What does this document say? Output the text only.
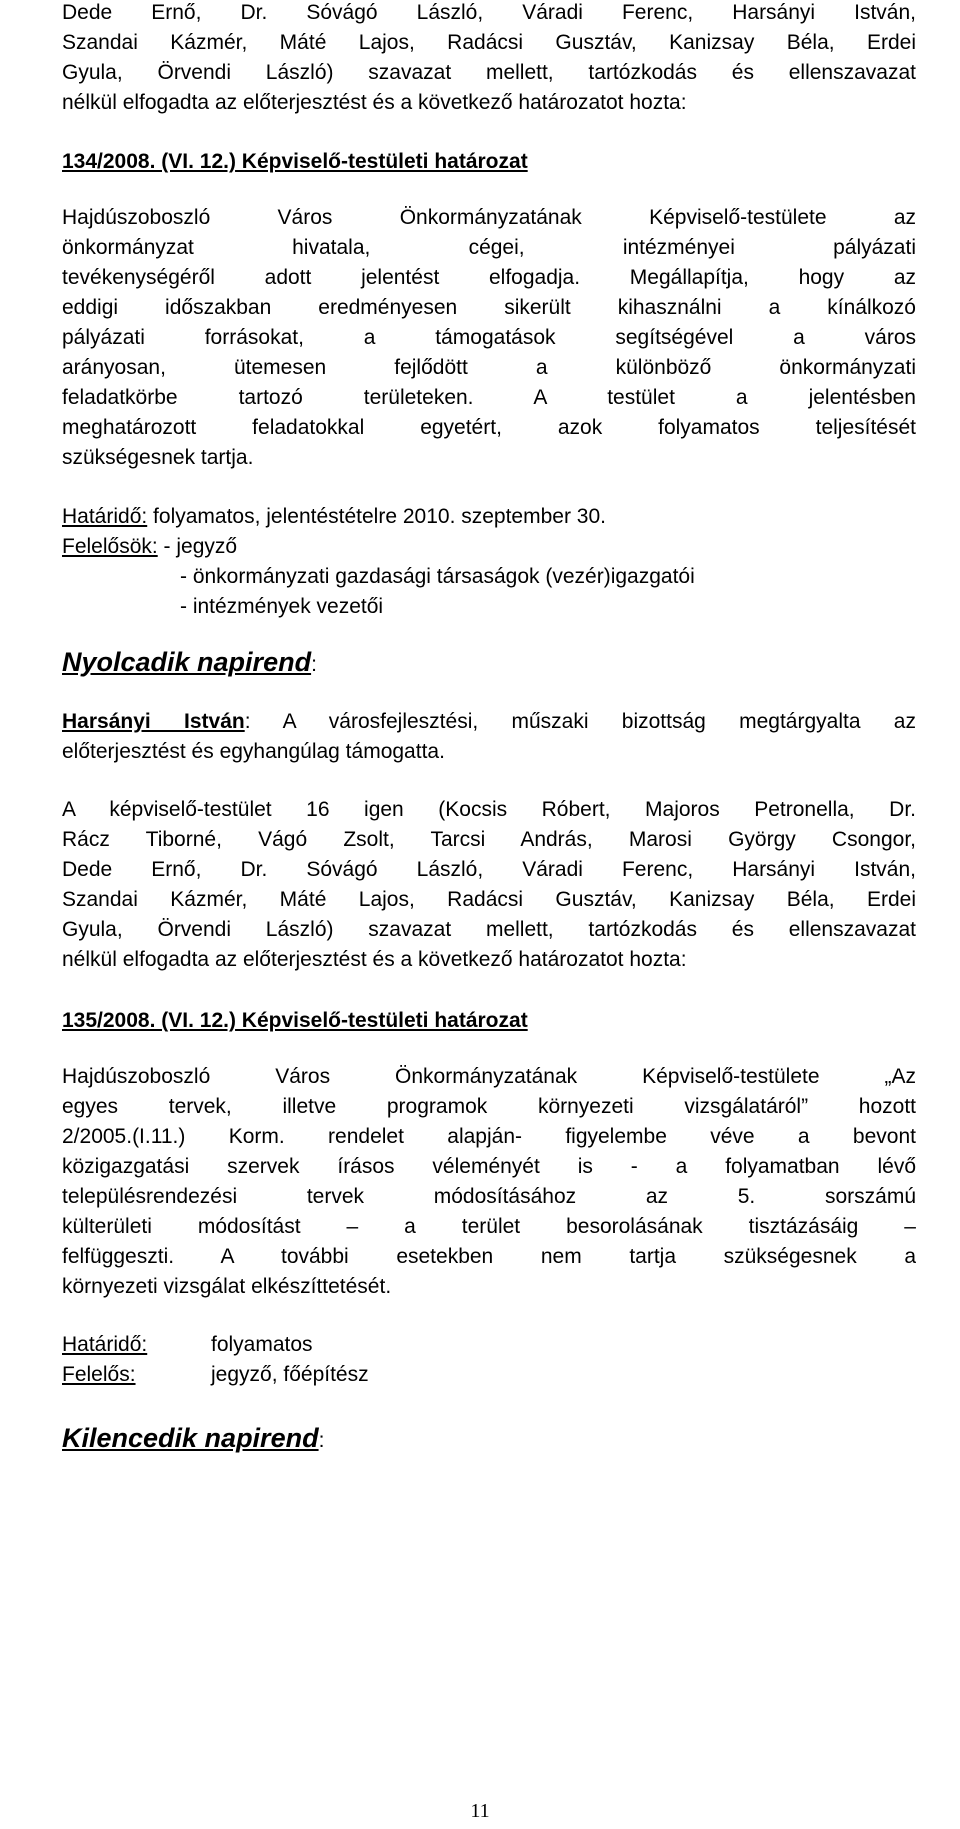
Dede Ernő, Dr. Sóvágó László, Váradi Ferenc, Harsányi István,
Szandai Kázmér, Máté Lajos, Radácsi Gusztáv, Kanizsay Béla, Erdei
Gyula, Örvendi László) szavazat mellett, tartózkodás és ellenszavazat
nélkül elfogadta az előterjesztést és a következő határozatot hozta:
134/2008. (VI. 12.) Képviselő-testületi határozat
Hajdúszoboszló Város Önkormányzatának Képviselő-testülete az
önkormányzat hivatala, cégei, intézményei pályázati
tevékenységéről adott jelentést elfogadja. Megállapítja, hogy az
eddigi időszakban eredményesen sikerült kihasználni a kínálkozó
pályázati forrásokat, a támogatások segítségével a város
arányosan, ütemesen fejlődött a különböző önkormányzati
feladatkörbe tartozó területeken. A testület a jelentésben
meghatározott feladatokkal egyetért, azok folyamatos teljesítését
szükségesnek tartja.
Határidő: folyamatos, jelentéstételre 2010. szeptember 30.
Felelősök: - jegyző
- önkormányzati gazdasági társaságok (vezér)igazgatói
- intézmények vezetői
Nyolcadik napirend:
Harsányi István: A városfejlesztési, műszaki bizottság megtárgyalta az
előterjesztést és egyhangúlag támogatta.
A képviselő-testület 16 igen (Kocsis Róbert, Majoros Petronella, Dr.
Rácz Tiborné, Vágó Zsolt, Tarcsi András, Marosi György Csongor,
Dede Ernő, Dr. Sóvágó László, Váradi Ferenc, Harsányi István,
Szandai Kázmér, Máté Lajos, Radácsi Gusztáv, Kanizsay Béla, Erdei
Gyula, Örvendi László) szavazat mellett, tartózkodás és ellenszavazat
nélkül elfogadta az előterjesztést és a következő határozatot hozta:
135/2008. (VI. 12.) Képviselő-testületi határozat
Hajdúszoboszló Város Önkormányzatának Képviselő-testülete „Az
egyes tervek, illetve programok környezeti vizsgálatáról” hozott
2/2005.(I.11.) Korm. rendelet alapján- figyelembe véve a bevont
közigazgatási szervek írásos véleményét is - a folyamatban lévő
településrendezési tervek módosításához az 5. sorszámú
külterületi módosítást – a terület besorolásának tisztázásáig –
felfüggeszti. A további esetekben nem tartja szükségesnek a
környezeti vizsgálat elkészíttetését.
Határidő:	folyamatos
Felelős:	jegyző, főépítész
Kilencedik napirend:
11
